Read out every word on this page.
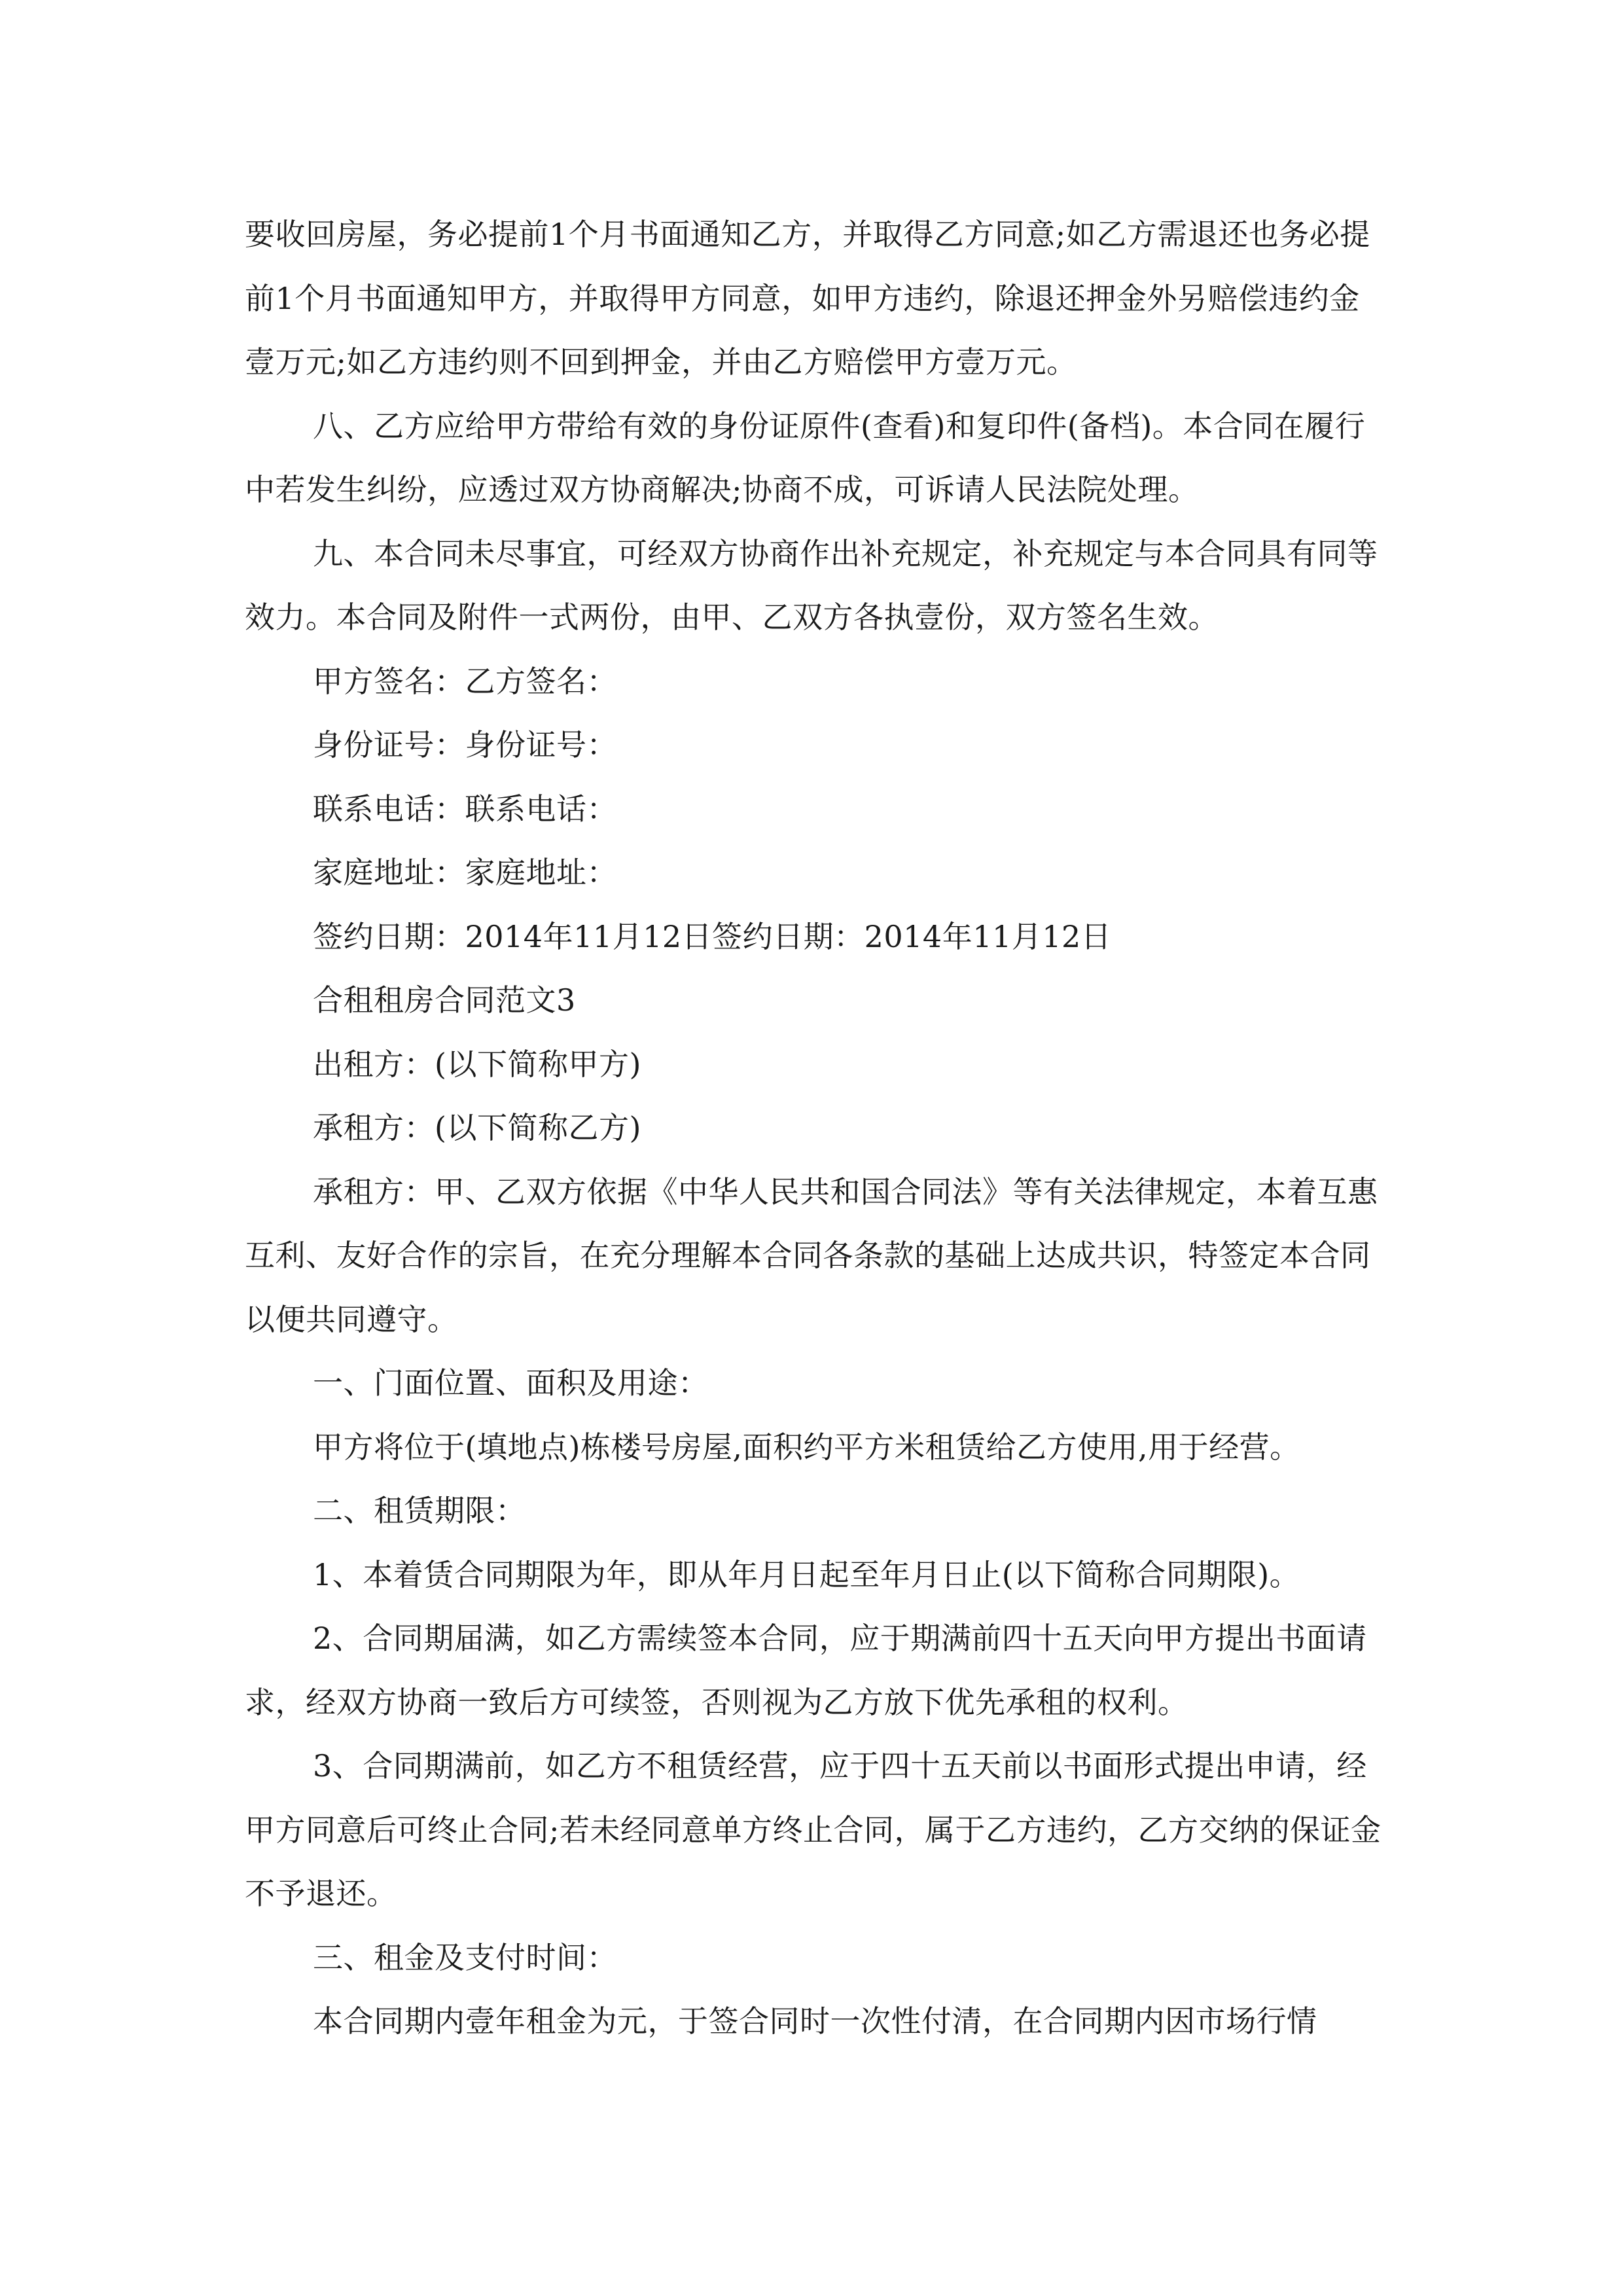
要收回房屋，务必提前1个月书面通知乙方，并取得乙方同意;如乙方需退还也务必提前1个月书面通知甲方，并取得甲方同意，如甲方违约，除退还押金外另赔偿违约金壹万元;如乙方违约则不回到押金，并由乙方赔偿甲方壹万元。

八、乙方应给甲方带给有效的身份证原件(查看)和复印件(备档)。本合同在履行中若发生纠纷，应透过双方协商解决;协商不成，可诉请人民法院处理。

九、本合同未尽事宜，可经双方协商作出补充规定，补充规定与本合同具有同等效力。本合同及附件一式两份，由甲、乙双方各执壹份，双方签名生效。

甲方签名：乙方签名：

身份证号：身份证号：

联系电话：联系电话：

家庭地址：家庭地址：

签约日期：2014年11月12日签约日期：2014年11月12日

合租租房合同范文3

出租方：(以下简称甲方)

承租方：(以下简称乙方)

承租方：甲、乙双方依据《中华人民共和国合同法》等有关法律规定，本着互惠互利、友好合作的宗旨，在充分理解本合同各条款的基础上达成共识，特签定本合同以便共同遵守。

一、门面位置、面积及用途：

甲方将位于(填地点)栋楼号房屋,面积约平方米租赁给乙方使用,用于经营。

二、租赁期限：

1、本着赁合同期限为年，即从年月日起至年月日止(以下简称合同期限)。

2、合同期届满，如乙方需续签本合同，应于期满前四十五天向甲方提出书面请求，经双方协商一致后方可续签，否则视为乙方放下优先承租的权利。

3、合同期满前，如乙方不租赁经营，应于四十五天前以书面形式提出申请，经甲方同意后可终止合同;若未经同意单方终止合同，属于乙方违约，乙方交纳的保证金不予退还。

三、租金及支付时间：

本合同期内壹年租金为元，于签合同时一次性付清，在合同期内因市场行情
